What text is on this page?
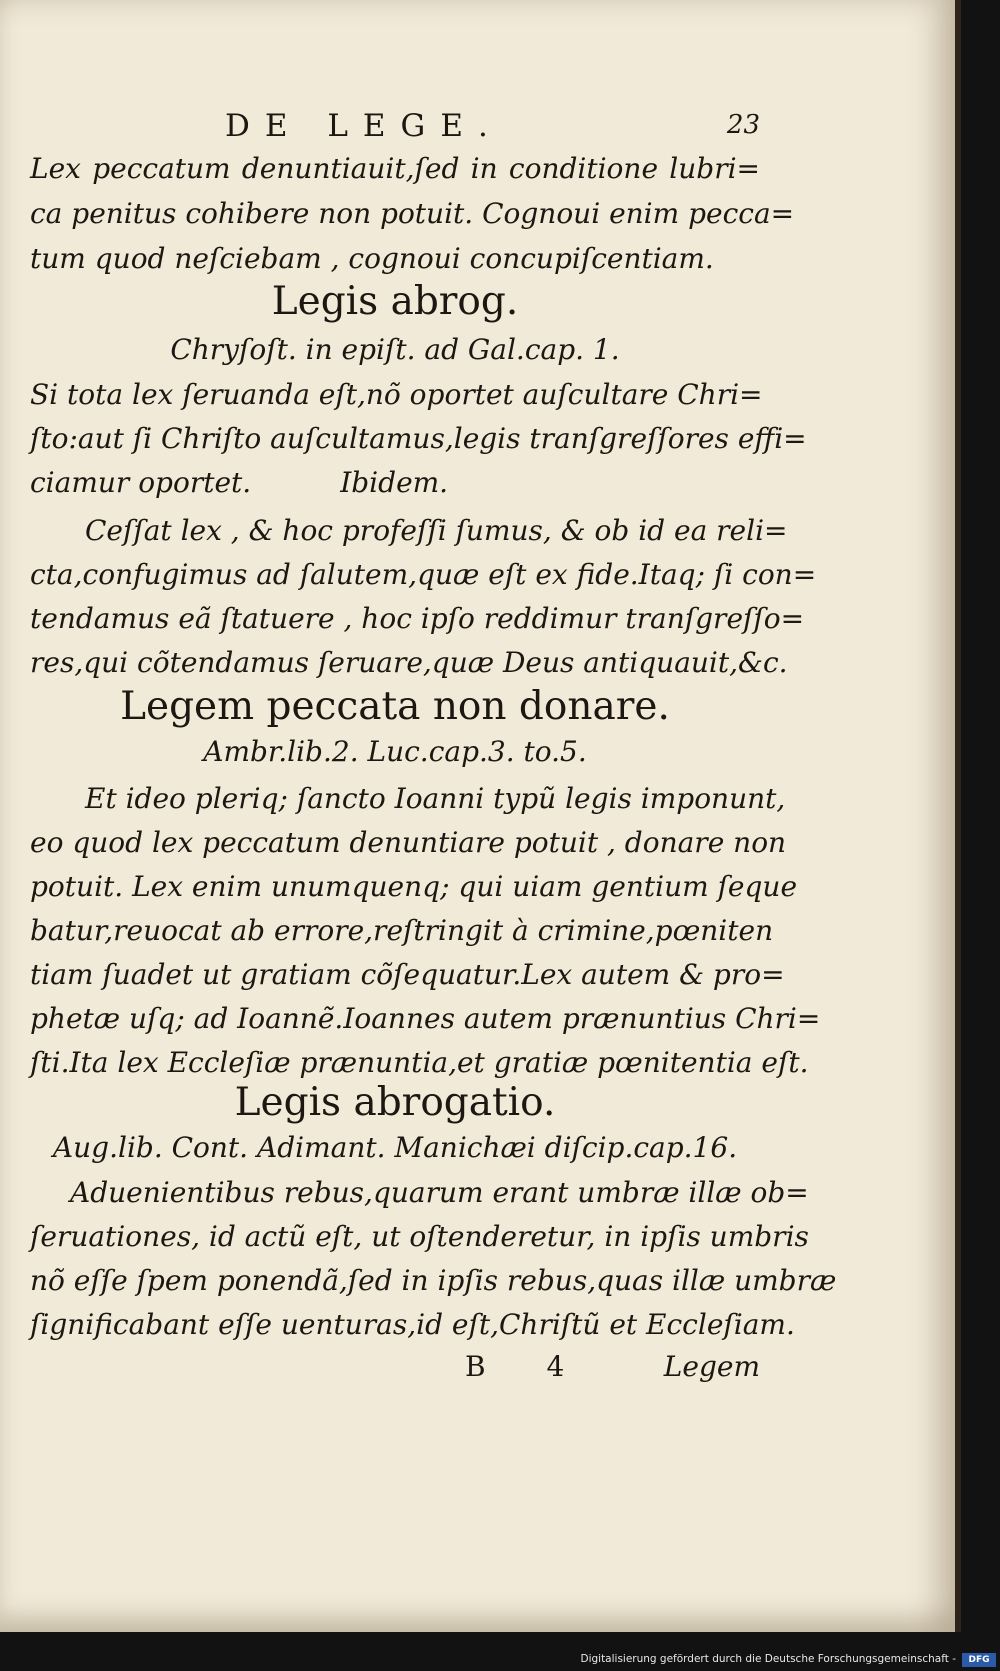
DE LEGE.	23
Lex peccatum denuntiauit,ſed in conditione lubri=
ca penitus cohibere non potuit. Cognoui enim pecca=
tum quod neſciebam , cognoui concupiſcentiam.
Legis abrog.
Chryſoſt. in epiſt. ad Gal.cap. 1.
Si tota lex ſeruanda eſt,nõ oportet auſcultare Chri=
ſto:aut ſi Chriſto auſcultamus,legis tranſgreſſores effi=
ciamur oportet.          Ibidem.
Ceſſat lex , & hoc profeſſi ſumus, & ob id ea reli=
cta,confugimus ad ſalutem,quæ eſt ex fide.Itaq; ſi con=
tendamus eã ſtatuere , hoc ipſo reddimur tranſgreſſo=
res,qui cõtendamus ſeruare,quæ Deus antiquauit,&c.
Legem peccata non donare.
Ambr.lib.2. Luc.cap.3. to.5.
Et ideo pleriq; ſancto Ioanni typũ legis imponunt,
eo quod lex peccatum denuntiare potuit , donare non
potuit. Lex enim unumquenq; qui uiam gentium ſeque
batur,reuocat ab errore,reſtringit à crimine,pœniten
tiam ſuadet ut gratiam cõſequatur.Lex autem & pro=
phetæ uſq; ad Ioannẽ.Ioannes autem prænuntius Chri=
ſti.Ita lex Eccleſiæ prænuntia,et gratiæ pœnitentia eſt.
Legis abrogatio.
Aug.lib. Cont. Adimant. Manichæi diſcip.cap.16.
Aduenientibus rebus,quarum erant umbræ illæ ob=
ſeruationes, id actũ eſt, ut oſtenderetur, in ipſis umbris
nõ eſſe ſpem ponendã,ſed in ipſis rebus,quas illæ umbræ
ſignificabant eſſe uenturas,id eſt,Chriſtũ et Eccleſiam.
B 4	Legem
Digitalisierung gefördert durch die Deutsche Forschungsgemeinschaft -	DFG
